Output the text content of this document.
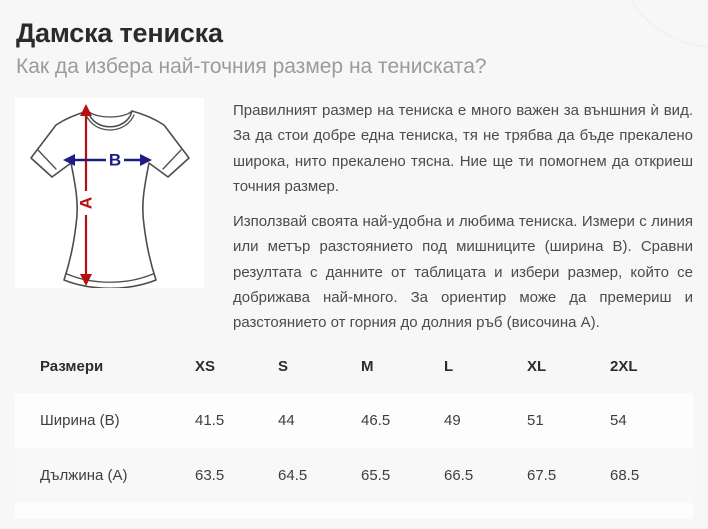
Дамска тениска
Как да избера най-точния размер на тениската?
A
B

Правилният размер на тениска е много важен за външния ѝ вид. За да стои добре една тениска, тя не трябва да бъде прекалено широка, нито прекалено тясна. Ние ще ти помогнем да откриеш точния размер.

Използвай своята най-удобна и любима тениска. Измери с линия или метър разстоянието под мишниците (ширина B). Сравни резултата с данните от таблицата и избери размер, който се добрижава най-много. За ориентир може да премериш и разстоянието от горния до долния ръб (височина A).

Размери	XS	S	M	L	XL	2XL
Ширина (B)	41.5	44	46.5	49	51	54
Дължина (A)	63.5	64.5	65.5	66.5	67.5	68.5
